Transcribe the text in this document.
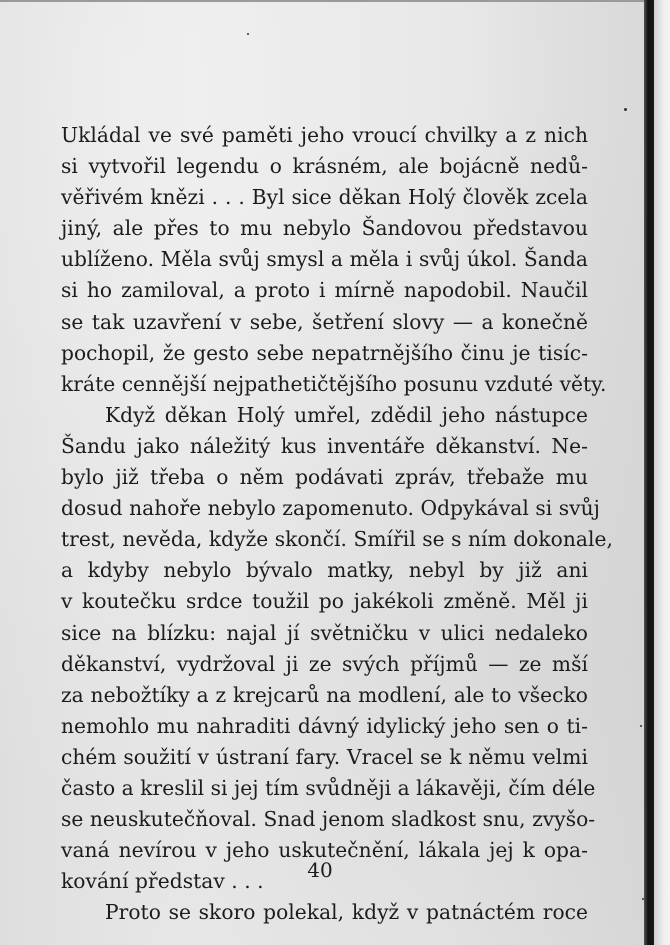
Ukládal ve své paměti jeho vroucí chvilky a z nich
si vytvořil legendu o krásném, ale bojácně nedů-
věřivém knězi . . . Byl sice děkan Holý člověk zcela
jiný, ale přes to mu nebylo Šandovou představou
ublíženo. Měla svůj smysl a měla i svůj úkol. Šanda
si ho zamiloval, a proto i mírně napodobil. Naučil
se tak uzavření v sebe, šetření slovy — a konečně
pochopil, že gesto sebe nepatrnějšího činu je tisíc-
kráte cennější nejpathetičtějšího posunu vzduté věty.
Když děkan Holý umřel, zdědil jeho nástupce
Šandu jako náležitý kus inventáře děkanství. Ne-
bylo již třeba o něm podávati zpráv, třebaže mu
dosud nahoře nebylo zapomenuto. Odpykával si svůj
trest, nevěda, kdyže skončí. Smířil se s ním dokonale,
a kdyby nebylo bývalo matky, nebyl by již ani
v koutečku srdce toužil po jakékoli změně. Měl ji
sice na blízku: najal jí světničku v ulici nedaleko
děkanství, vydržoval ji ze svých příjmů — ze mší
za nebožtíky a z krejcarů na modlení, ale to všecko
nemohlo mu nahraditi dávný idylický jeho sen o ti-
chém soužití v ústraní fary. Vracel se k němu velmi
často a kreslil si jej tím svůdněji a lákavěji, čím déle
se neuskutečňoval. Snad jenom sladkost snu, zvyšo-
vaná nevírou v jeho uskutečnění, lákala jej k opa-
kování představ . . .
Proto se skoro polekal, když v patnáctém roce
40
